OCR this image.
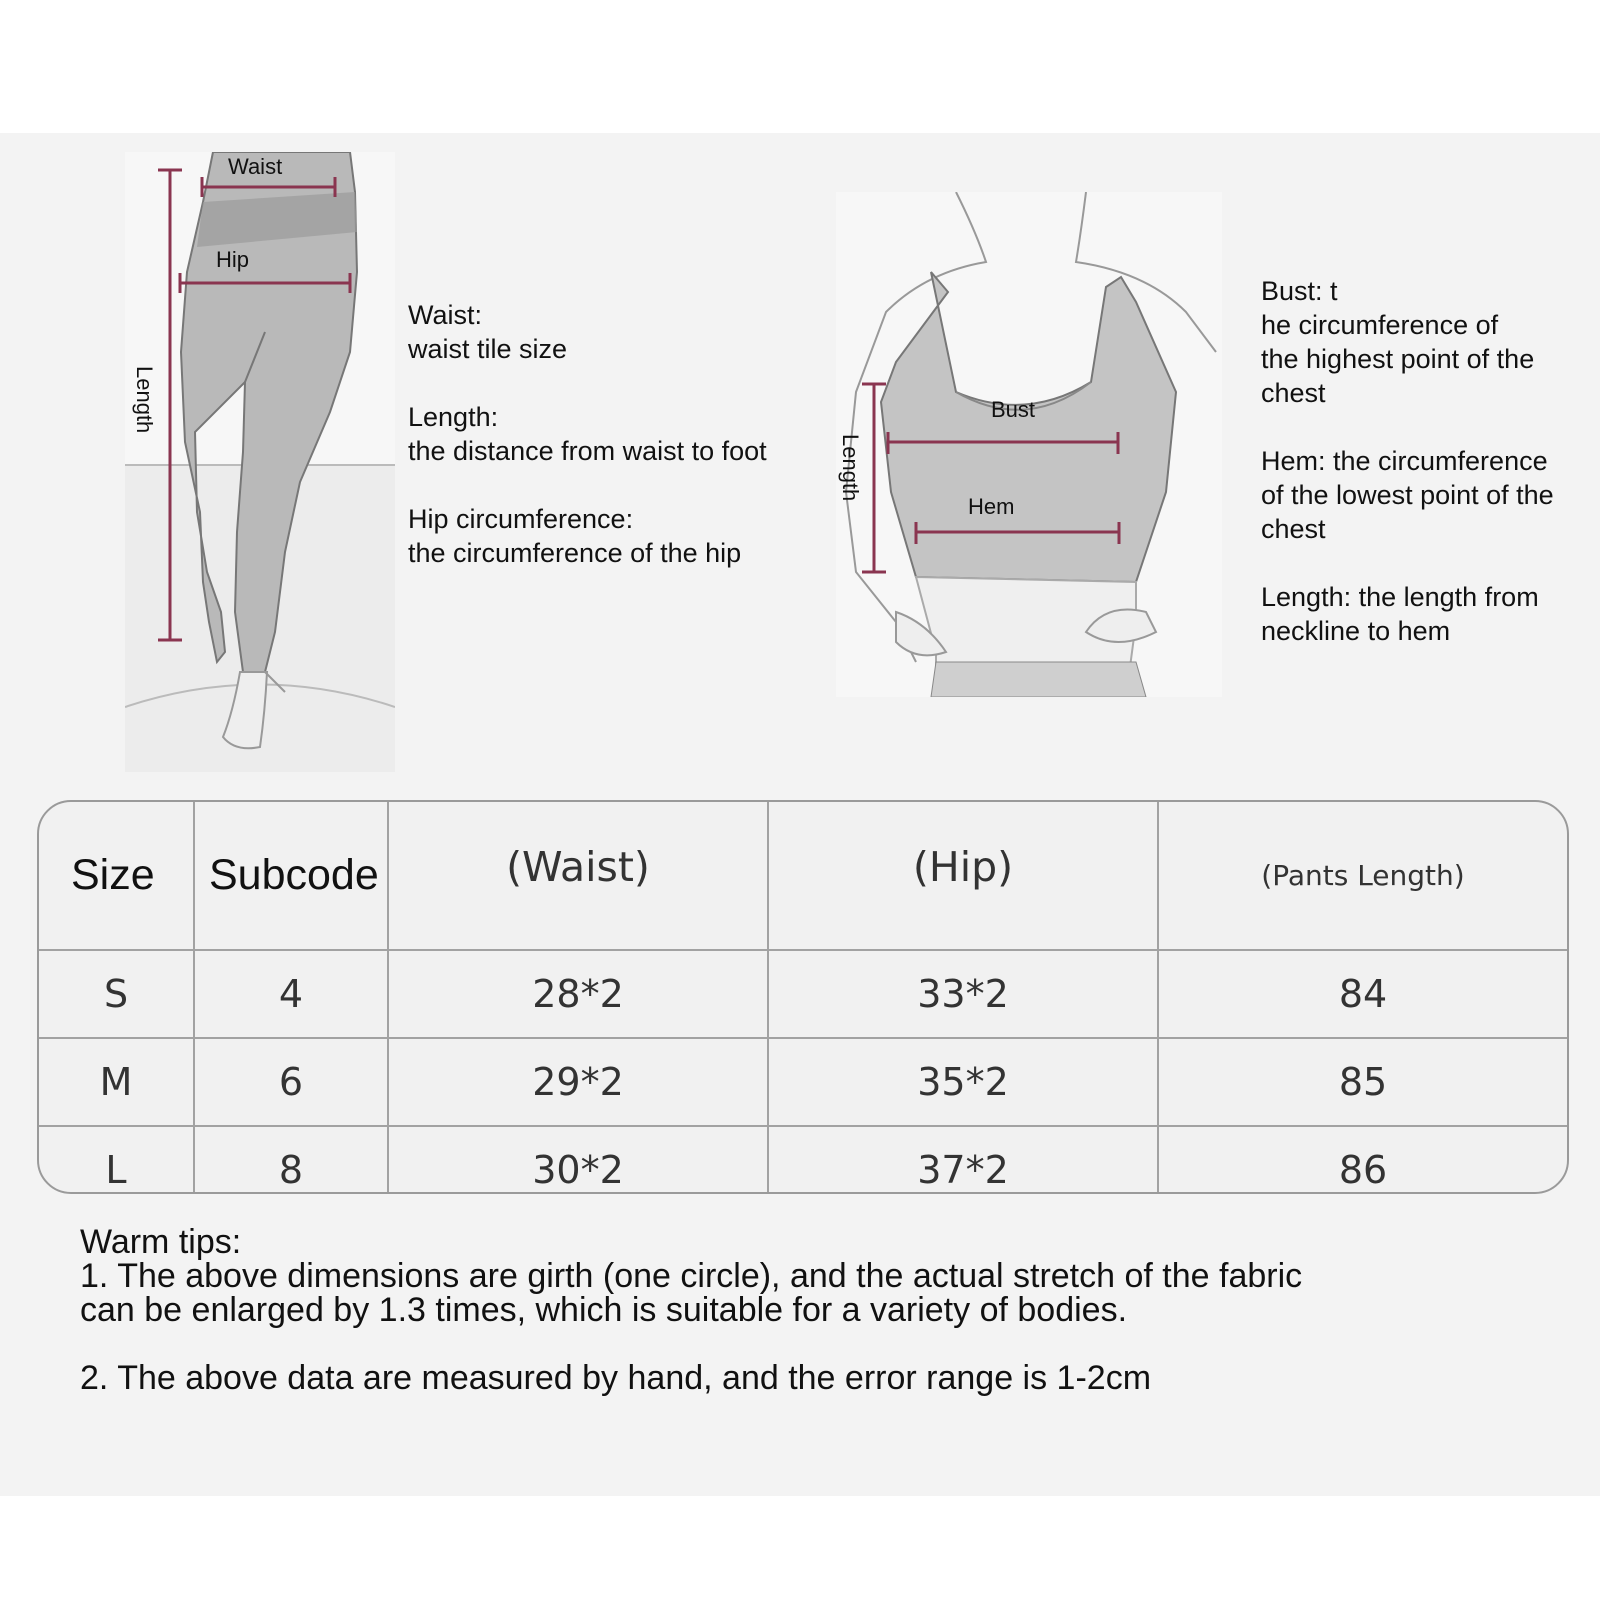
Waist
Hip
Length

Waist:
waist tile size

Length:
the distance from waist to foot

Hip circumference:
the circumference of the hip

Bust
Hem
Length

Bust: t
he circumference of
the highest point of the
chest

Hem: the circumference
of the lowest point of the
chest

Length: the length from
neckline to hem

Size	Subcode	(Waist)	(Hip)	(Pants Length)
S	4	28*2	33*2	84
M	6	29*2	35*2	85
L	8	30*2	37*2	86
Warm tips:
1. The above dimensions are girth (one circle), and the actual stretch of the fabric
can be enlarged by 1.3 times, which is suitable for a variety of bodies.
2. The above data are measured by hand, and the error range is 1-2cm
